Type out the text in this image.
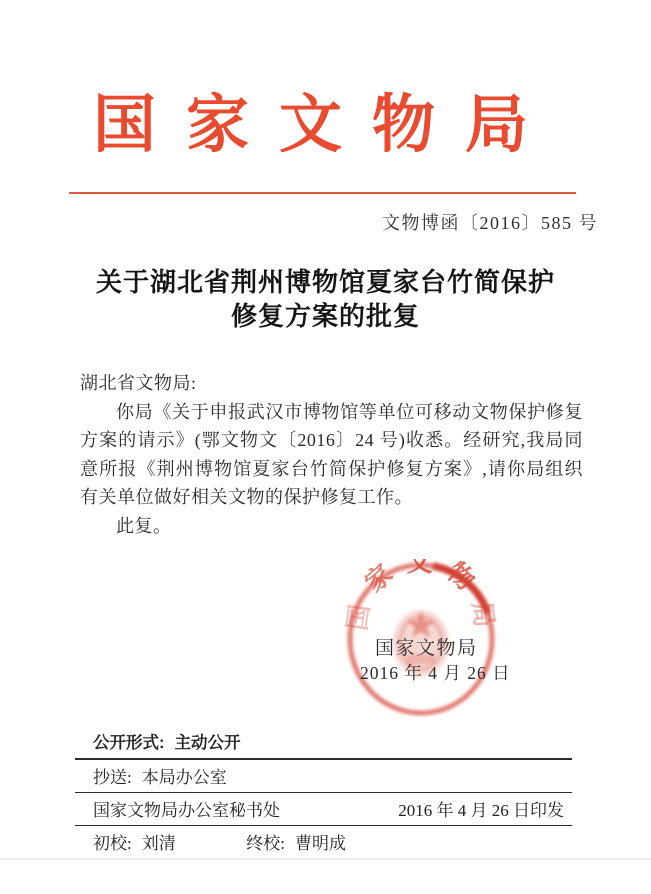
国家文物局
文物博函〔2016〕585 号
关于湖北省荆州博物馆夏家台竹简保护
修复方案的批复
湖北省文物局:
你局《关于申报武汉市博物馆等单位可移动文物保护修复方案的请示》(鄂文物文〔2016〕24 号)收悉。经研究,我局同意所报《荆州博物馆夏家台竹简保护修复方案》,请你局组织有关单位做好相关文物的保护修复工作。
此复。
国 家 文 物 局
国家文物局
2016 年 4 月 26 日
公开形式: 主动公开
抄送: 本局办公室
国家文物局办公室秘书处	2016 年 4 月 26 日印发
初校: 刘清	终校: 曹明成
